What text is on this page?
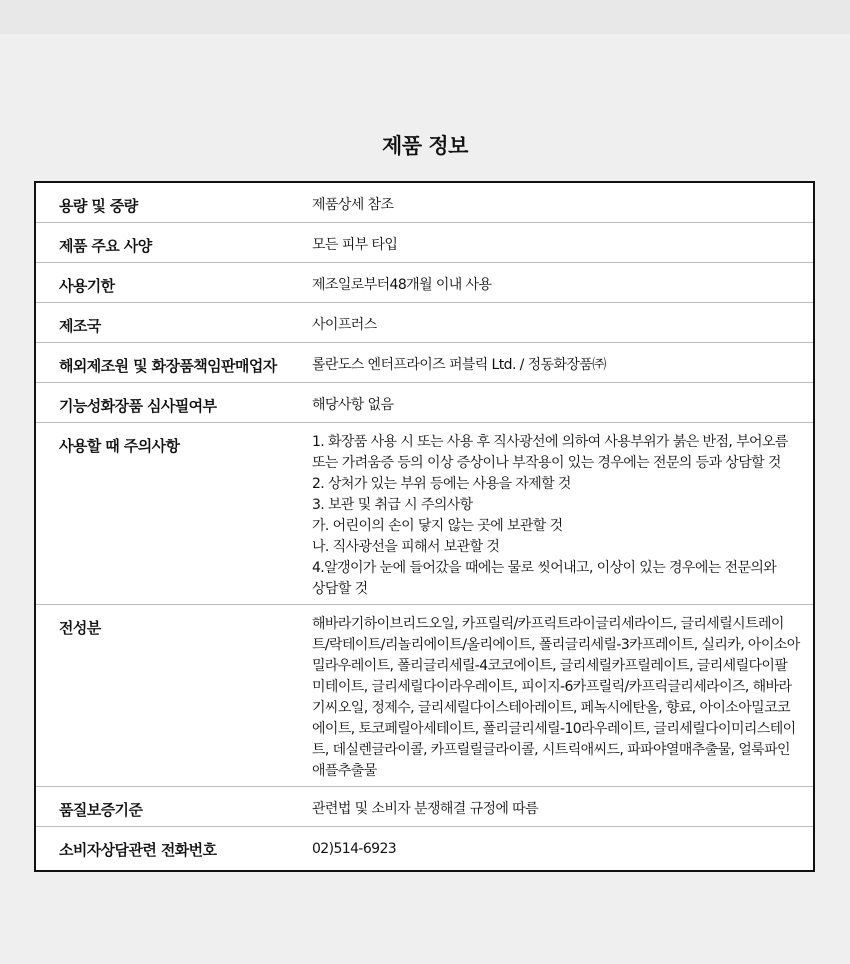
제품 정보
용량 및 중량	제품상세 참조
제품 주요 사양	모든 피부 타입
사용기한	제조일로부터48개월 이내 사용
제조국	사이프러스
해외제조원 및 화장품책임판매업자	롤란도스 엔터프라이즈 퍼블릭 Ltd. / 정동화장품㈜
기능성화장품 심사필여부	해당사항 없음
사용할 때 주의사항	1. 화장품 사용 시 또는 사용 후 직사광선에 의하여 사용부위가 붉은 반점, 부어오름
또는 가려움증 등의 이상 증상이나 부작용이 있는 경우에는 전문의 등과 상담할 것
2. 상처가 있는 부위 등에는 사용을 자제할 것
3. 보관 및 취급 시 주의사항
가. 어린이의 손이 닿지 않는 곳에 보관할 것
나. 직사광선을 피해서 보관할 것
4.알갱이가 눈에 들어갔을 때에는 물로 씻어내고, 이상이 있는 경우에는 전문의와
상담할 것
전성분	해바라기하이브리드오일, 카프릴릭/카프릭트라이글리세라이드, 글리세릴시트레이트/락테이트/리놀리에이트/올리에이트, 폴리글리세릴-3카프레이트, 실리카, 아이소아밀라우레이트, 폴리글리세릴-4코코에이트, 글리세릴카프릴레이트, 글리세릴다이팔미테이트, 글리세릴다이라우레이트, 피이지-6카프릴릭/카프릭글리세라이즈, 해바라기씨오일, 정제수, 글리세릴다이스테아레이트, 페녹시에탄올, 향료, 아이소아밀코코에이트, 토코페릴아세테이트, 폴리글리세릴-10라우레이트, 글리세릴다이미리스테이트, 데실렌글라이콜, 카프릴릴글라이콜, 시트릭애씨드, 파파야열매추출물, 얼룩파인애플추출물
품질보증기준	관련법 및 소비자 분쟁해결 규정에 따름
소비자상담관련 전화번호	02)514-6923
